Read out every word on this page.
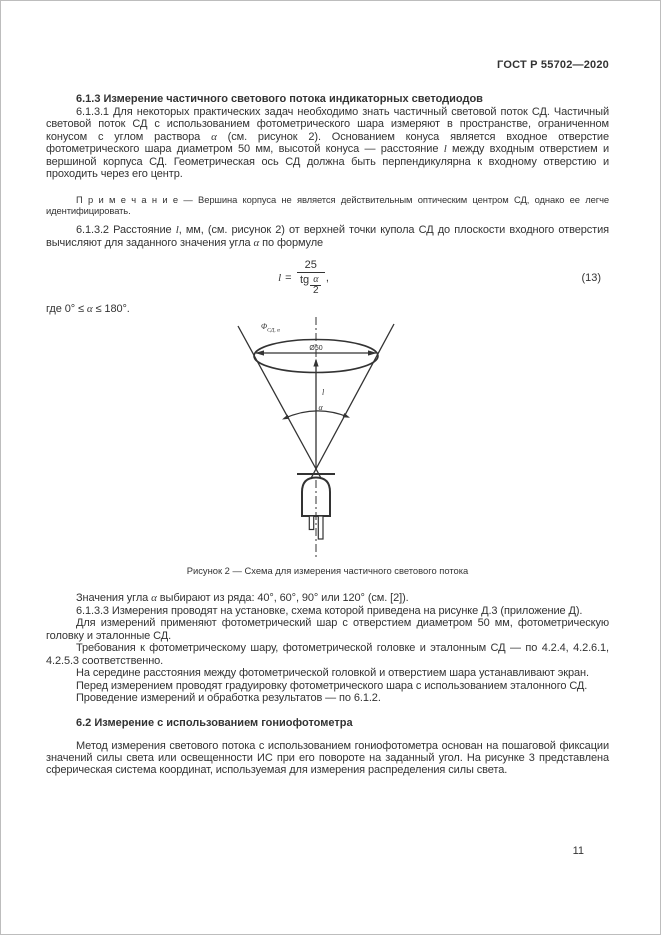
ГОСТ Р 55702—2020
6.1.3 Измерение частичного светового потока индикаторных светодиодов

6.1.3.1 Для некоторых практических задач необходимо знать частичный световой поток СД. Частичный световой поток СД с использованием фотометрического шара измеряют в пространстве, ограниченном конусом с углом раствора α (см. рисунок 2). Основанием конуса является входное отверстие фотометрического шара диаметром 50 мм, высотой конуса — расстояние l между входным отверстием и вершиной корпуса СД. Геометрическая ось СД должна быть перпендикулярна к входному отверстию и проходить через его центр.

П р и м е ч а н и е — Вершина корпуса не является действительным оптическим центром СД, однако ее легче идентифицировать.

6.1.3.2 Расстояние l, мм, (см. рисунок 2) от верхней точки купола СД до плоскости входного отверстия вычисляют для заданного значения угла α по формуле

$l = \frac{25}{tg \frac{\alpha}{2}}$ ,	(13)

где 0° ≤ α ≤ 180°.

$\Phi_{СД, \alpha}$
Ø50
l
α
Рисунок 2 — Схема для измерения частичного светового потока

Значения угла α выбирают из ряда: 40°, 60°, 90° или 120° (см. [2]).

6.1.3.3 Измерения проводят на установке, схема которой приведена на рисунке Д.3 (приложение Д).

Для измерений применяют фотометрический шар с отверстием диаметром 50 мм, фотометрическую головку и эталонные СД.

Требования к фотометрическому шару, фотометрической головке и эталонным СД — по 4.2.4, 4.2.6.1, 4.2.5.3 соответственно.

На середине расстояния между фотометрической головкой и отверстием шара устанавливают экран.

Перед измерением проводят градуировку фотометрического шара с использованием эталонного СД.

Проведение измерений и обработка результатов — по 6.1.2.

6.2 Измерение с использованием гониофотометра

Метод измерения светового потока с использованием гониофотометра основан на пошаговой фиксации значений силы света или освещенности ИС при его повороте на заданный угол. На рисунке 3 представлена сферическая система координат, используемая для измерения распределения силы света.

11
